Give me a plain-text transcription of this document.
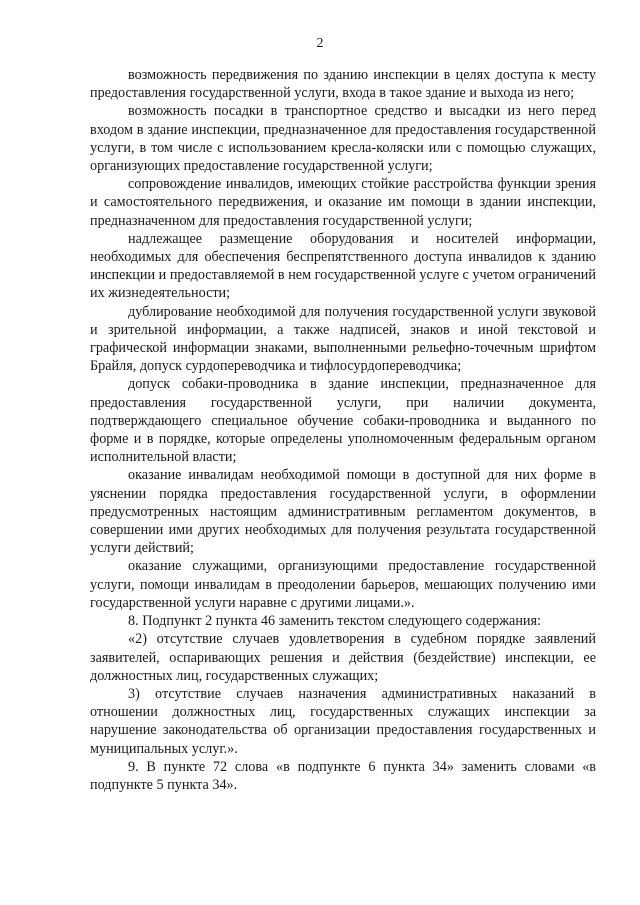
2

возможность передвижения по зданию инспекции в целях доступа к месту предоставления государственной услуги, входа в такое здание и выхода из него;

возможность посадки в транспортное средство и высадки из него перед входом в здание инспекции, предназначенное для предоставления государственной услуги, в том числе с использованием кресла-коляски или с помощью служащих, организующих предоставление государственной услуги;

сопровождение инвалидов, имеющих стойкие расстройства функции зрения и самостоятельного передвижения, и оказание им помощи в здании инспекции, предназначенном для предоставления государственной услуги;

надлежащее размещение оборудования и носителей информации, необходимых для обеспечения беспрепятственного доступа инвалидов к зданию инспекции и предоставляемой в нем государственной услуге с учетом ограничений их жизнедеятельности;

дублирование необходимой для получения государственной услуги звуковой и зрительной информации, а также надписей, знаков и иной текстовой и графической информации знаками, выполненными рельефно-точечным шрифтом Брайля, допуск сурдопереводчика и тифлосурдопереводчика;

допуск собаки-проводника в здание инспекции, предназначенное для предоставления государственной услуги, при наличии документа, подтверждающего специальное обучение собаки-проводника и выданного по форме и в порядке, которые определены уполномоченным федеральным органом исполнительной власти;

оказание инвалидам необходимой помощи в доступной для них форме в уяснении порядка предоставления государственной услуги, в оформлении предусмотренных настоящим административным регламентом документов, в совершении ими других необходимых для получения результата государственной услуги действий;

оказание служащими, организующими предоставление государственной услуги, помощи инвалидам в преодолении барьеров, мешающих получению ими государственной услуги наравне с другими лицами.».

8. Подпункт 2 пункта 46 заменить текстом следующего содержания:

«2) отсутствие случаев удовлетворения в судебном порядке заявлений заявителей, оспаривающих решения и действия (бездействие) инспекции, ее должностных лиц, государственных служащих;

3) отсутствие случаев назначения административных наказаний в отношении должностных лиц, государственных служащих инспекции за нарушение законодательства об организации предоставления государственных и муниципальных услуг.».

9. В пункте 72 слова «в подпункте 6 пункта 34» заменить словами «в подпункте 5 пункта 34».
